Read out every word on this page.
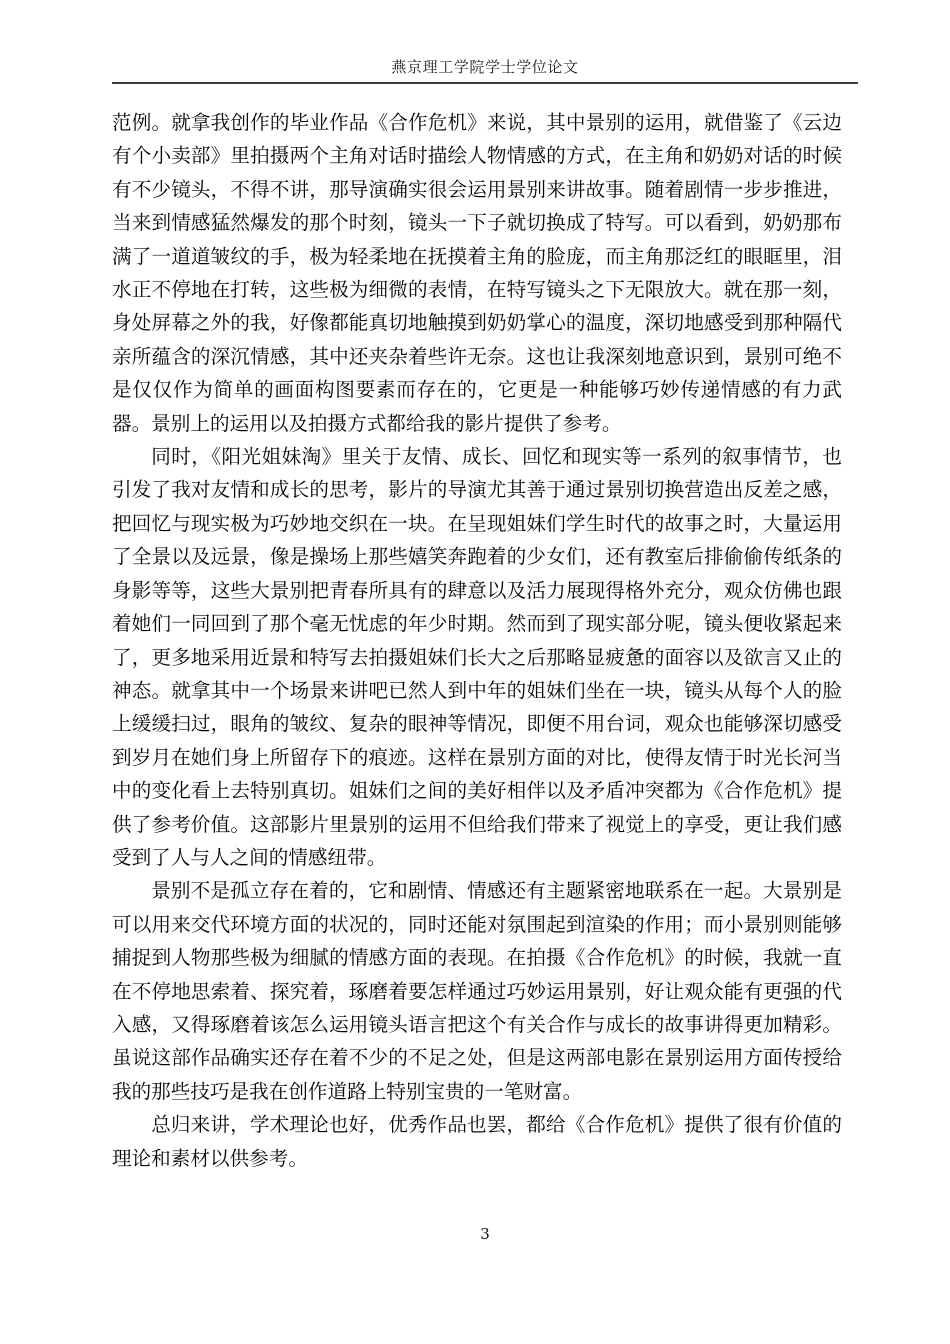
燕京理工学院学士学位论文

范例。就拿我创作的毕业作品《合作危机》来说，其中景别的运用，就借鉴了《云边有个小卖部》里拍摄两个主角对话时描绘人物情感的方式，在主角和奶奶对话的时候有不少镜头，不得不讲，那导演确实很会运用景别来讲故事。随着剧情一步步推进，当来到情感猛然爆发的那个时刻，镜头一下子就切换成了特写。可以看到，奶奶那布满了一道道皱纹的手，极为轻柔地在抚摸着主角的脸庞，而主角那泛红的眼眶里，泪水正不停地在打转，这些极为细微的表情，在特写镜头之下无限放大。就在那一刻，身处屏幕之外的我，好像都能真切地触摸到奶奶掌心的温度，深切地感受到那种隔代亲所蕴含的深沉情感，其中还夹杂着些许无奈。这也让我深刻地意识到，景别可绝不是仅仅作为简单的画面构图要素而存在的，它更是一种能够巧妙传递情感的有力武器。景别上的运用以及拍摄方式都给我的影片提供了参考。

同时，《阳光姐妹淘》里关于友情、成长、回忆和现实等一系列的叙事情节，也引发了我对友情和成长的思考，影片的导演尤其善于通过景别切换营造出反差之感，把回忆与现实极为巧妙地交织在一块。在呈现姐妹们学生时代的故事之时，大量运用了全景以及远景，像是操场上那些嬉笑奔跑着的少女们，还有教室后排偷偷传纸条的身影等等，这些大景别把青春所具有的肆意以及活力展现得格外充分，观众仿佛也跟着她们一同回到了那个毫无忧虑的年少时期。然而到了现实部分呢，镜头便收紧起来了，更多地采用近景和特写去拍摄姐妹们长大之后那略显疲惫的面容以及欲言又止的神态。就拿其中一个场景来讲吧已然人到中年的姐妹们坐在一块，镜头从每个人的脸上缓缓扫过，眼角的皱纹、复杂的眼神等情况，即便不用台词，观众也能够深切感受到岁月在她们身上所留存下的痕迹。这样在景别方面的对比，使得友情于时光长河当中的变化看上去特别真切。姐妹们之间的美好相伴以及矛盾冲突都为《合作危机》提供了参考价值。这部影片里景别的运用不但给我们带来了视觉上的享受，更让我们感受到了人与人之间的情感纽带。

景别不是孤立存在着的，它和剧情、情感还有主题紧密地联系在一起。大景别是可以用来交代环境方面的状况的，同时还能对氛围起到渲染的作用；而小景别则能够捕捉到人物那些极为细腻的情感方面的表现。在拍摄《合作危机》的时候，我就一直在不停地思索着、探究着，琢磨着要怎样通过巧妙运用景别，好让观众能有更强的代入感，又得琢磨着该怎么运用镜头语言把这个有关合作与成长的故事讲得更加精彩。虽说这部作品确实还存在着不少的不足之处，但是这两部电影在景别运用方面传授给我的那些技巧是我在创作道路上特别宝贵的一笔财富。

总归来讲，学术理论也好，优秀作品也罢，都给《合作危机》提供了很有价值的理论和素材以供参考。

3
